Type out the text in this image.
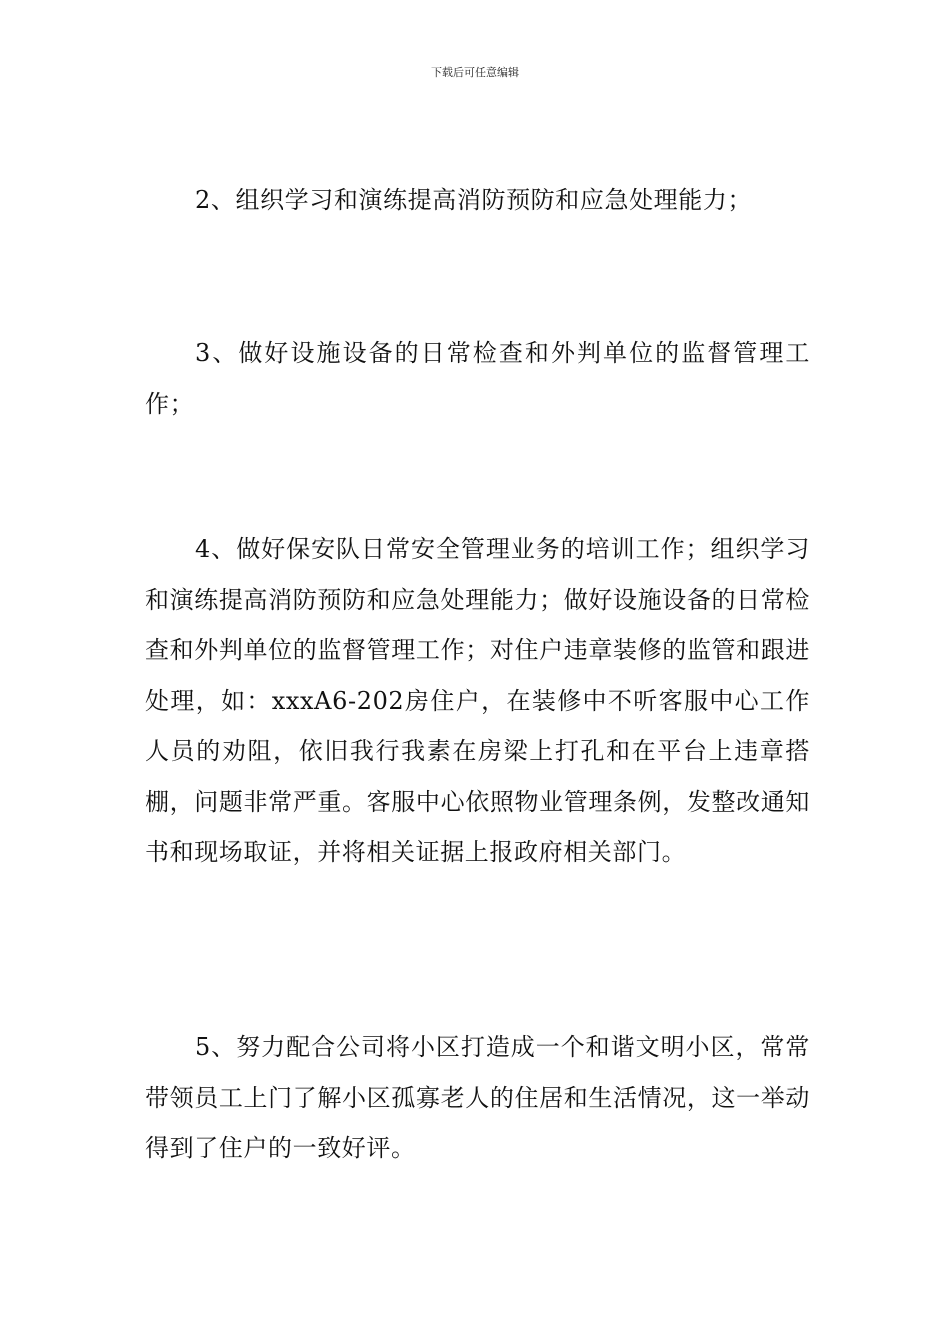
下载后可任意编辑

2、组织学习和演练提高消防预防和应急处理能力；

3、做好设施设备的日常检查和外判单位的监督管理工作；

4、做好保安队日常安全管理业务的培训工作；组织学习和演练提高消防预防和应急处理能力；做好设施设备的日常检查和外判单位的监督管理工作；对住户违章装修的监管和跟进处理，如：xxxA6-202房住户，在装修中不听客服中心工作人员的劝阻，依旧我行我素在房梁上打孔和在平台上违章搭棚，问题非常严重。客服中心依照物业管理条例，发整改通知书和现场取证，并将相关证据上报政府相关部门。

5、努力配合公司将小区打造成一个和谐文明小区，常常带领员工上门了解小区孤寡老人的住居和生活情况，这一举动得到了住户的一致好评。
